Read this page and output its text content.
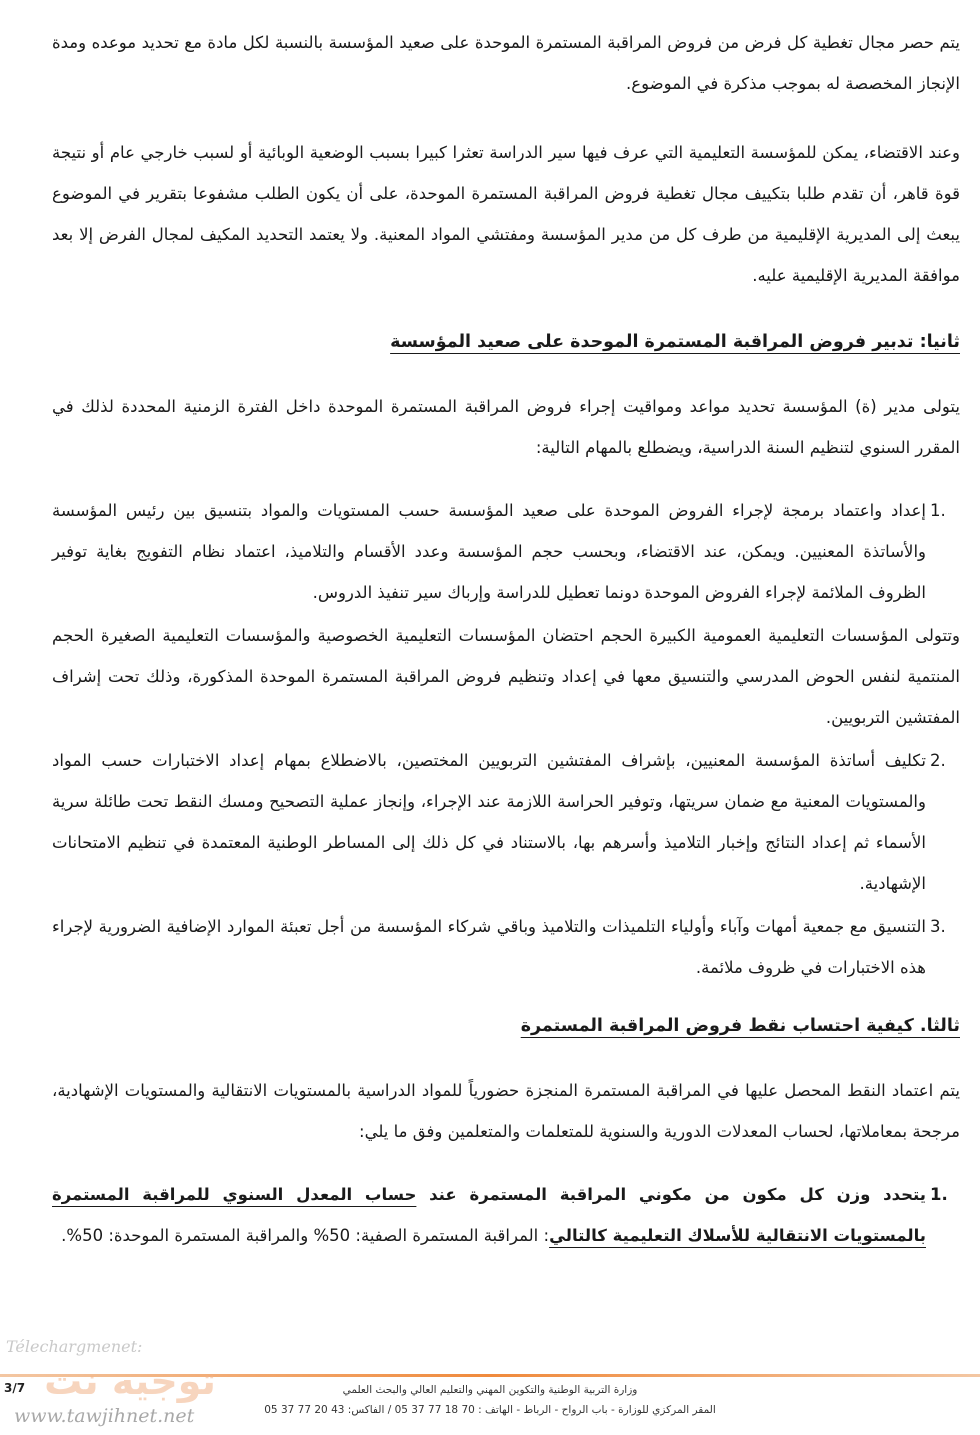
يتم حصر مجال تغطية كل فرض من فروض المراقبة المستمرة الموحدة على صعيد المؤسسة بالنسبة لكل مادة مع تحديد موعده ومدة الإنجاز المخصصة له بموجب مذكرة في الموضوع.

وعند الاقتضاء، يمكن للمؤسسة التعليمية التي عرف فيها سير الدراسة تعثرا كبيرا بسبب الوضعية الوبائية أو لسبب خارجي عام أو نتيجة قوة قاهر، أن تقدم طلبا بتكييف مجال تغطية فروض المراقبة المستمرة الموحدة، على أن يكون الطلب مشفوعا بتقرير في الموضوع يبعث إلى المديرية الإقليمية من طرف كل من مدير المؤسسة ومفتشي المواد المعنية. ولا يعتمد التحديد المكيف لمجال الفرض إلا بعد موافقة المديرية الإقليمية عليه.

ثانيا: تدبير فروض المراقبة المستمرة الموحدة على صعيد المؤسسة

يتولى مدير (ة) المؤسسة تحديد مواعد ومواقيت إجراء فروض المراقبة المستمرة الموحدة داخل الفترة الزمنية المحددة لذلك في المقرر السنوي لتنظيم السنة الدراسية، ويضطلع بالمهام التالية:

1.
إعداد واعتماد برمجة لإجراء الفروض الموحدة على صعيد المؤسسة حسب المستويات والمواد بتنسيق بين رئيس المؤسسة والأساتذة المعنيين. ويمكن، عند الاقتضاء، وبحسب حجم المؤسسة وعدد الأقسام والتلاميذ، اعتماد نظام التفويج بغاية توفير الظروف الملائمة لإجراء الفروض الموحدة دونما تعطيل للدراسة وإرباك سير تنفيذ الدروس.
وتتولى المؤسسات التعليمية العمومية الكبيرة الحجم احتضان المؤسسات التعليمية الخصوصية والمؤسسات التعليمية الصغيرة الحجم المنتمية لنفس الحوض المدرسي والتنسيق معها في إعداد وتنظيم فروض المراقبة المستمرة الموحدة المذكورة، وذلك تحت إشراف المفتشين التربويين.
2.
تكليف أساتذة المؤسسة المعنيين، بإشراف المفتشين التربويين المختصين، بالاضطلاع بمهام إعداد الاختبارات حسب المواد والمستويات المعنية مع ضمان سريتها، وتوفير الحراسة اللازمة عند الإجراء، وإنجاز عملية التصحيح ومسك النقط تحت طائلة سرية الأسماء ثم إعداد النتائج وإخبار التلاميذ وأسرهم بها، بالاستناد في كل ذلك إلى المساطر الوطنية المعتمدة في تنظيم الامتحانات الإشهادية.
3.
التنسيق مع جمعية أمهات وآباء وأولياء التلميذات والتلاميذ وباقي شركاء المؤسسة من أجل تعبئة الموارد الإضافية الضرورية لإجراء هذه الاختبارات في ظروف ملائمة.
ثالثا. كيفية احتساب نقط فروض المراقبة المستمرة

يتم اعتماد النقط المحصل عليها في المراقبة المستمرة المنجزة حضورياً للمواد الدراسية بالمستويات الانتقالية والمستويات الإشهادية، مرجحة بمعاملاتها، لحساب المعدلات الدورية والسنوية للمتعلمات والمتعلمين وفق ما يلي:

1.
يتحدد وزن كل مكون من مكوني المراقبة المستمرة عند حساب المعدل السنوي للمراقبة المستمرة بالمستويات الانتقالية للأسلاك التعليمية كالتالي: المراقبة المستمرة الصفية: 50% والمراقبة المستمرة الموحدة: 50%.
وزارة التربية الوطنية والتكوين المهني والتعليم العالي والبحث العلمي
المقر المركزي للوزارة - باب الرواح - الرباط - الهاتف : 70 18 77 37 05 / الفاكس: 43 20 77 37 05
3/7
Télechargmenet:
توجيه نت
www.tawjihnet.net
